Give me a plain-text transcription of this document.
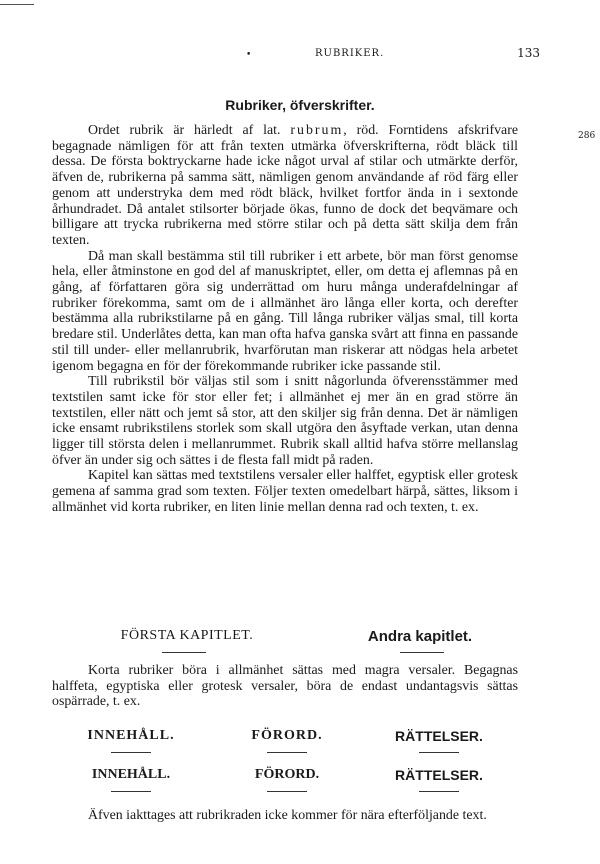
•	RUBRIKER.	133
Rubriker, öfverskrifter.
286

Ordet rubrik är härledt af lat. rubrum, röd. Forntidens afskrifvare begagnade nämligen för att från texten utmärka öfverskrifterna, rödt bläck till dessa. De första boktryckarne hade icke något urval af stilar och utmärkte derför, äfven de, rubrikerna på samma sätt, nämligen genom användande af röd färg eller genom att understryka dem med rödt bläck, hvilket fortfor ända in i sextonde århundradet. Då antalet stilsorter började ökas, funno de dock det beqvämare och billigare att trycka rubrikerna med större stilar och på detta sätt skilja dem från texten.

Då man skall bestämma stil till rubriker i ett arbete, bör man först genomse hela, eller åtminstone en god del af manuskriptet, eller, om detta ej aflemnas på en gång, af författaren göra sig underrättad om huru många underafdelningar af rubriker förekomma, samt om de i allmänhet äro långa eller korta, och derefter bestämma alla rubrikstilarne på en gång. Till långa rubriker väljas smal, till korta bredare stil. Underlåtes detta, kan man ofta hafva ganska svårt att finna en passande stil till under- eller mellanrubrik, hvarförutan man riskerar att nödgas hela arbetet igenom begagna en för der förekommande rubriker icke passande stil.

Till rubrikstil bör väljas stil som i snitt någorlunda öfverensstämmer med textstilen samt icke för stor eller fet; i allmänhet ej mer än en grad större än textstilen, eller nätt och jemt så stor, att den skiljer sig från denna. Det är nämligen icke ensamt rubrikstilens storlek som skall utgöra den åsyftade verkan, utan denna ligger till största delen i mellanrummet. Rubrik skall alltid hafva större mellanslag öfver än under sig och sättes i de flesta fall midt på raden.

Kapitel kan sättas med textstilens versaler eller halffet, egyptisk eller grotesk gemena af samma grad som texten. Följer texten omedelbart härpå, sättes, liksom i allmänhet vid korta rubriker, en liten linie mellan denna rad och texten, t. ex.

FÖRSTA KAPITLET.	Andra kapitlet.

Korta rubriker böra i allmänhet sättas med magra versaler. Begagnas halffeta, egyptiska eller grotesk versaler, böra de endast undantagsvis sättas ospärrade, t. ex.

INNEHÅLL.	FÖRORD.	RÄTTELSER.
INNEHÅLL.	FÖRORD.	RÄTTELSER.

Äfven iakttages att rubrikraden icke kommer för nära efterföljande text.
